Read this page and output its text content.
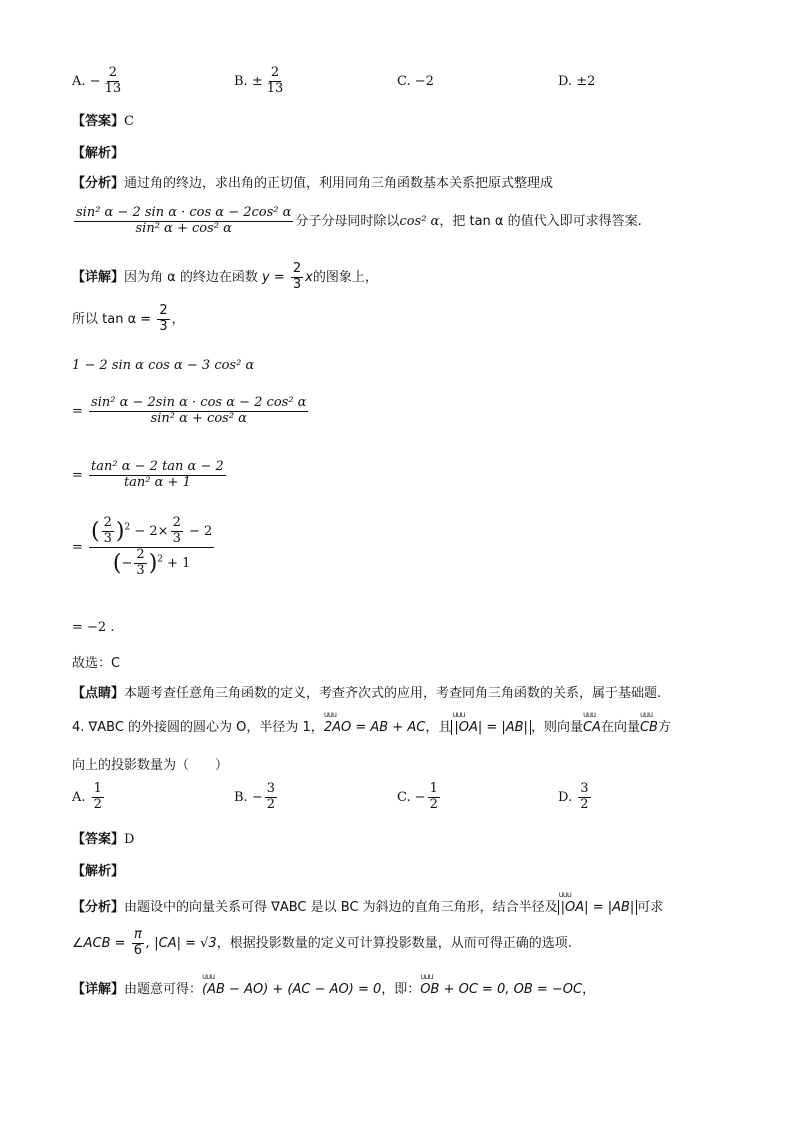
A. − $\frac{2}{13}$	B. ± $\frac{2}{13}$	C. −2	D. ±2
【答案】C
【解析】
【分析】通过角的终边，求出角的正切值，利用同角三角函数基本关系把原式整理成
$\frac{\text{sin² α − 2 sin α · cos α − 2cos² α}}{\text{sin² α + cos² α}}$ 分子分母同时除以cos² α，把 tan α 的值代入即可求得答案.
【详解】因为角 α 的终边在函数 $y = \frac{2}{3}$ x的图象上，
所以 $\tan \alpha = \frac{2}{3}$ ，
1 − 2 sin α cos α − 3 cos² α
= $\frac{\text{sin² α − 2sin α · cos α − 2 cos² α}}{\text{sin² α + cos² α}}$
= $\frac{\text{tan² α − 2 tan α − 2}}{\text{tan² α + 1}}$
= $\frac{( \frac{2}{3} )^2 - 2\times \frac{2}{3} - 2}{(- \frac{2}{3} )^2 + 1}$
= −2 .
故选：C
【点睛】本题考查任意角三角函数的定义，考查齐次式的应用，考查同角三角函数的关系，属于基础题.
4. ∇ABC 的外接圆的圆心为 O，半径为 1，uuu 2AO = AB + AC，且 uuu |OA| = |AB| ，则向量uuu CA在向量uuu CB方
向上的投影数量为（　　）
A. $\frac{1}{2}$	B. − $\frac{3}{2}$	C. − $\frac{1}{2}$	D. $\frac{3}{2}$
【答案】D
【解析】
【分析】由题设中的向量关系可得 ∇ABC 是以 BC 为斜边的直角三角形，结合半径及 uuu |OA| = |AB| 可求
∠ACB = $\frac{\pi}{6}$ , |CA| = √3，根据投影数量的定义可计算投影数量，从而可得正确的选项.
【详解】由题意可得：uuu (AB − AO) + (AC − AO) = 0，即：uuu OB + OC = 0, OB = −OC，
